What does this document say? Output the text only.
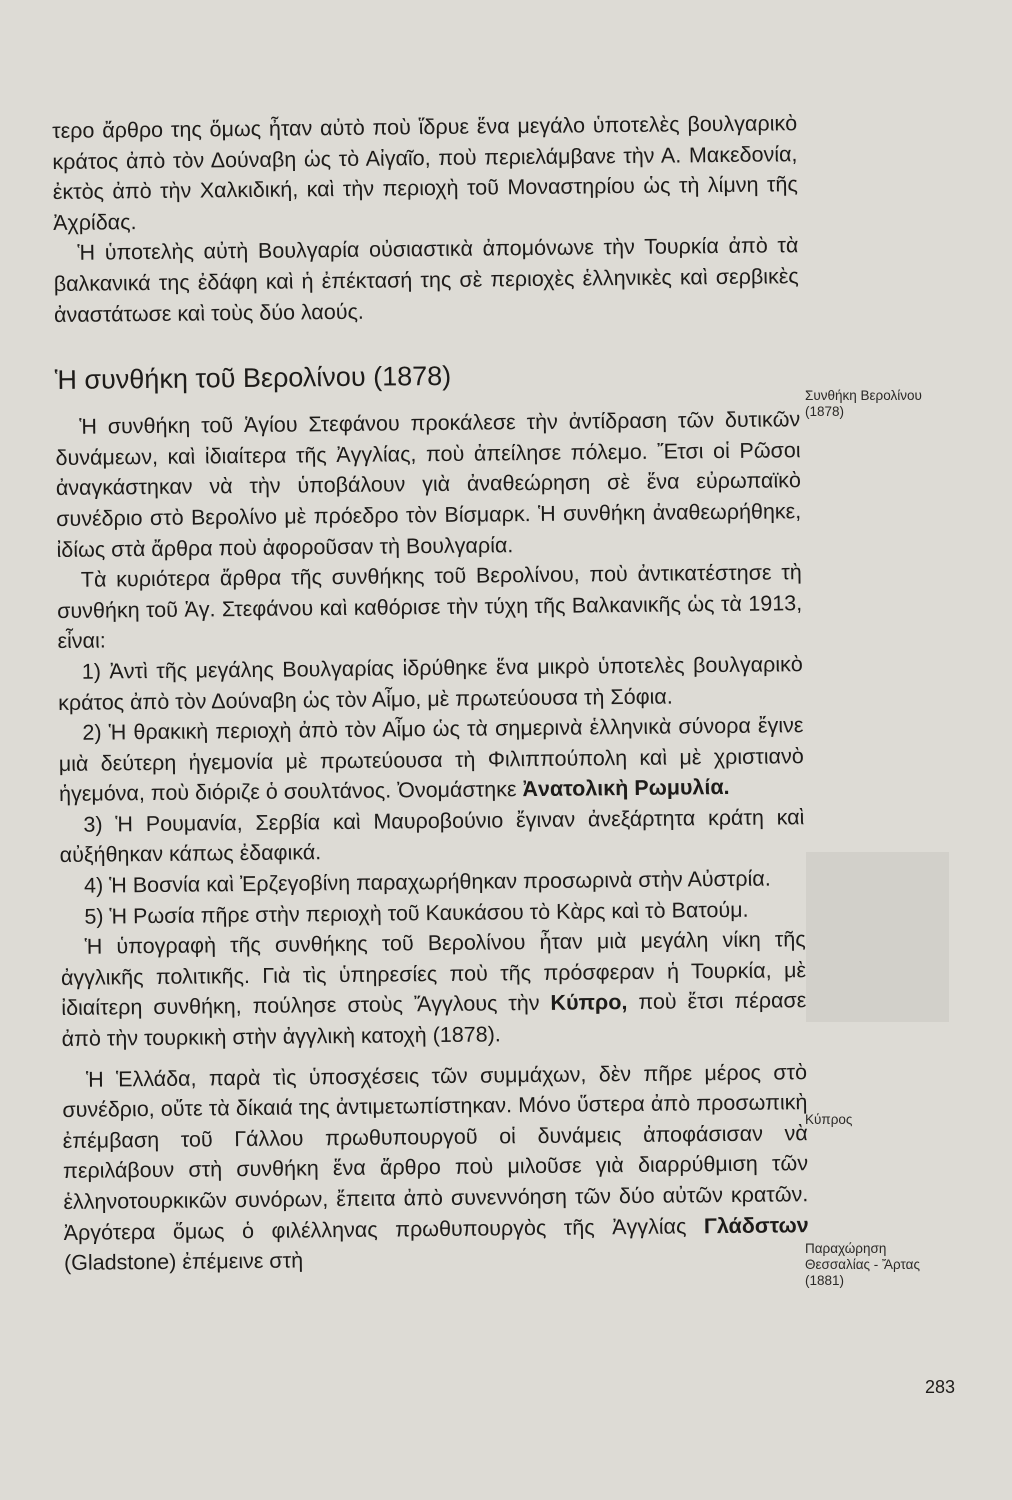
τερο ἄρθρο της ὅμως ἦταν αὐτὸ ποὺ ἵδρυε ἕνα μεγάλο ὑποτελὲς βουλγαρικὸ κράτος ἀπὸ τὸν Δούναβη ὡς τὸ Αἰγαῖο, ποὺ περιελάμβανε τὴν Α. Μακεδονία, ἐκτὸς ἀπὸ τὴν Χαλκιδική, καὶ τὴν περιοχὴ τοῦ Μοναστηρίου ὡς τὴ λίμνη τῆς Ἀχρίδας.

Ἡ ὑποτελὴς αὐτὴ Βουλγαρία οὐσιαστικὰ ἀπομόνωνε τὴν Τουρκία ἀπὸ τὰ βαλκανικά της ἐδάφη καὶ ἡ ἐπέκτασή της σὲ περιοχὲς ἑλληνικὲς καὶ σερβικὲς ἀναστάτωσε καὶ τοὺς δύο λαούς.

Ἡ συνθήκη τοῦ Βερολίνου (1878)

Ἡ συνθήκη τοῦ Ἁγίου Στεφάνου προκάλεσε τὴν ἀντίδραση τῶν δυτικῶν δυνάμεων, καὶ ἰδιαίτερα τῆς Ἀγγλίας, ποὺ ἀπείλησε πόλεμο. Ἔτσι οἱ Ρῶσοι ἀναγκάστηκαν νὰ τὴν ὑποβάλουν γιὰ ἀναθεώρηση σὲ ἕνα εὐρωπαϊκὸ συνέδριο στὸ Βερολίνο μὲ πρόεδρο τὸν Βίσμαρκ. Ἡ συνθήκη ἀναθεωρήθηκε, ἰδίως στὰ ἄρθρα ποὺ ἀφοροῦσαν τὴ Βουλγαρία.

Τὰ κυριότερα ἄρθρα τῆς συνθήκης τοῦ Βερολίνου, ποὺ ἀντικατέστησε τὴ συνθήκη τοῦ Ἁγ. Στεφάνου καὶ καθόρισε τὴν τύχη τῆς Βαλκανικῆς ὡς τὰ 1913, εἶναι:

1) Ἀντὶ τῆς μεγάλης Βουλγαρίας ἱδρύθηκε ἕνα μικρὸ ὑποτελὲς βουλγαρικὸ κράτος ἀπὸ τὸν Δούναβη ὡς τὸν Αἶμο, μὲ πρωτεύουσα τὴ Σόφια.

2) Ἡ θρακικὴ περιοχὴ ἀπὸ τὸν Αἶμο ὡς τὰ σημερινὰ ἑλληνικὰ σύνορα ἔγινε μιὰ δεύτερη ἡγεμονία μὲ πρωτεύουσα τὴ Φιλιππούπολη καὶ μὲ χριστιανὸ ἡγεμόνα, ποὺ διόριζε ὁ σουλτάνος. Ὀνομάστηκε Ἀνατολικὴ Ρωμυλία.

3) Ἡ Ρουμανία, Σερβία καὶ Μαυροβούνιο ἔγιναν ἀνεξάρτητα κράτη καὶ αὐξήθηκαν κάπως ἐδαφικά.

4) Ἡ Βοσνία καὶ Ἐρζεγοβίνη παραχωρήθηκαν προσωρινὰ στὴν Αὐστρία.

5) Ἡ Ρωσία πῆρε στὴν περιοχὴ τοῦ Καυκάσου τὸ Κὰρς καὶ τὸ Βατούμ.

Ἡ ὑπογραφὴ τῆς συνθήκης τοῦ Βερολίνου ἦταν μιὰ μεγάλη νίκη τῆς ἀγγλικῆς πολιτικῆς. Γιὰ τὶς ὑπηρεσίες ποὺ τῆς πρόσφεραν ἡ Τουρκία, μὲ ἰδιαίτερη συνθήκη, πούλησε στοὺς Ἄγγλους τὴν Κύπρο, ποὺ ἔτσι πέρασε ἀπὸ τὴν τουρκικὴ στὴν ἀγγλικὴ κατοχὴ (1878).

Ἡ Ἑλλάδα, παρὰ τὶς ὑποσχέσεις τῶν συμμάχων, δὲν πῆρε μέρος στὸ συνέδριο, οὔτε τὰ δίκαιά της ἀντιμετωπίστηκαν. Μόνο ὕστερα ἀπὸ προσωπικὴ ἐπέμβαση τοῦ Γάλλου πρωθυπουργοῦ οἱ δυνάμεις ἀποφάσισαν νὰ περιλάβουν στὴ συνθήκη ἕνα ἄρθρο ποὺ μιλοῦσε γιὰ διαρρύθμιση τῶν ἑλληνοτουρκικῶν συνόρων, ἔπειτα ἀπὸ συνεννόηση τῶν δύο αὐτῶν κρατῶν. Ἀργότερα ὅμως ὁ φιλέλληνας πρωθυπουργὸς τῆς Ἀγγλίας Γλάδστων (Gladstone) ἐπέμεινε στὴ

Συνθήκη Βερολίνου

(1878)

Κύπρος

Παραχώρηση

Θεσσαλίας - Ἄρτας

(1881)

283
